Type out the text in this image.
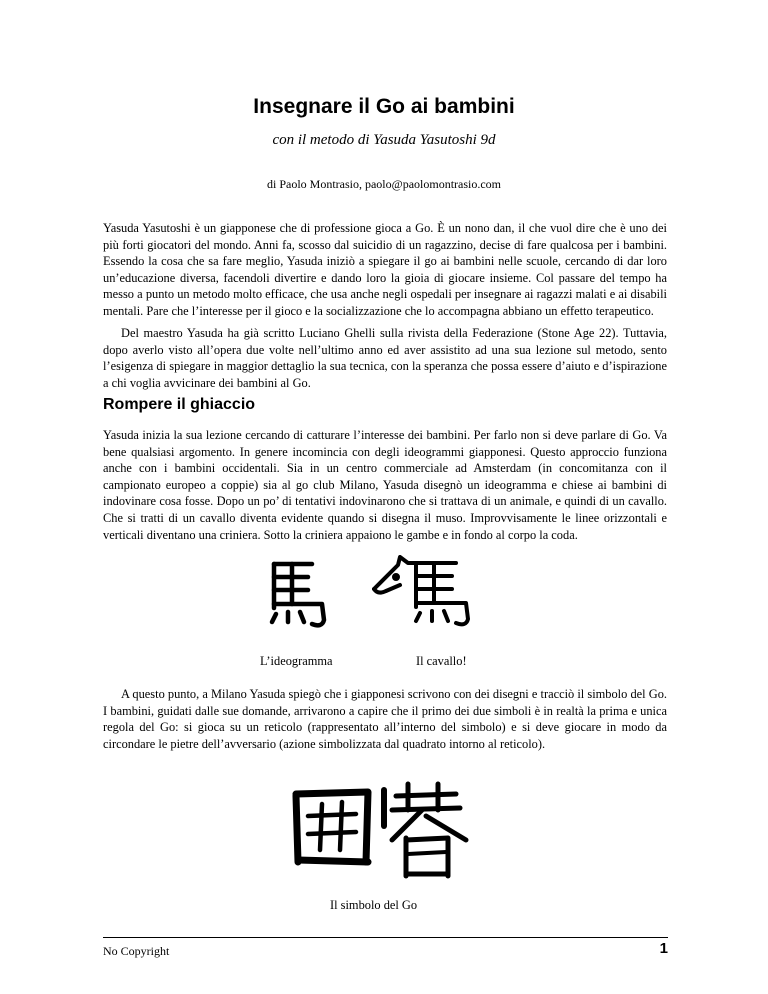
Insegnare il Go ai bambini
con il metodo di Yasuda Yasutoshi 9d
di Paolo Montrasio, paolo@paolomontrasio.com

Yasuda Yasutoshi è un giapponese che di professione gioca a Go. È un nono dan, il che vuol dire che è uno dei più forti giocatori del mondo. Anni fa, scosso dal suicidio di un ragazzino, decise di fare qualcosa per i bambini. Essendo la cosa che sa fare meglio, Yasuda iniziò a spiegare il go ai bambini nelle scuole, cercando di dar loro un’educazione diversa, facendoli divertire e dando loro la gioia di giocare insieme. Col passare del tempo ha messo a punto un metodo molto efficace, che usa anche negli ospedali per insegnare ai ragazzi malati e ai disabili mentali. Pare che l’interesse per il gioco e la socializzazione che lo accompagna abbiano un effetto terapeutico.

Del maestro Yasuda ha già scritto Luciano Ghelli sulla rivista della Federazione (Stone Age 22). Tuttavia, dopo averlo visto all’opera due volte nell’ultimo anno ed aver assistito ad una sua lezione sul metodo, sento l’esigenza di spiegare in maggior dettaglio la sua tecnica, con la speranza che possa essere d’aiuto e d’ispirazione a chi voglia avvicinare dei bambini al Go.

Rompere il ghiaccio

Yasuda inizia la sua lezione cercando di catturare l’interesse dei bambini. Per farlo non si deve parlare di Go. Va bene qualsiasi argomento. In genere incomincia con degli ideogrammi giapponesi. Questo approccio funziona anche con i bambini occidentali. Sia in un centro commerciale ad Amsterdam (in concomitanza con il campionato europeo a coppie) sia al go club Milano, Yasuda disegnò un ideogramma e chiese ai bambini di indovinare cosa fosse. Dopo un po’ di tentativi indovinarono che si trattava di un animale, e quindi di un cavallo. Che si tratti di un cavallo diventa evidente quando si disegna il muso. Improvvisamente le linee orizzontali e verticali diventano una criniera. Sotto la criniera appaiono le gambe e in fondo al corpo la coda.

L’ideogramma	Il cavallo!

A questo punto, a Milano Yasuda spiegò che i giapponesi scrivono con dei disegni e tracciò il simbolo del Go. I bambini, guidati dalle sue domande, arrivarono a capire che il primo dei due simboli è in realtà la prima e unica regola del Go: si gioca su un reticolo (rappresentato all’interno del simbolo) e si deve giocare in modo da circondare le pietre dell’avversario (azione simbolizzata dal quadrato intorno al reticolo).

Il simbolo del Go
No Copyright	1
